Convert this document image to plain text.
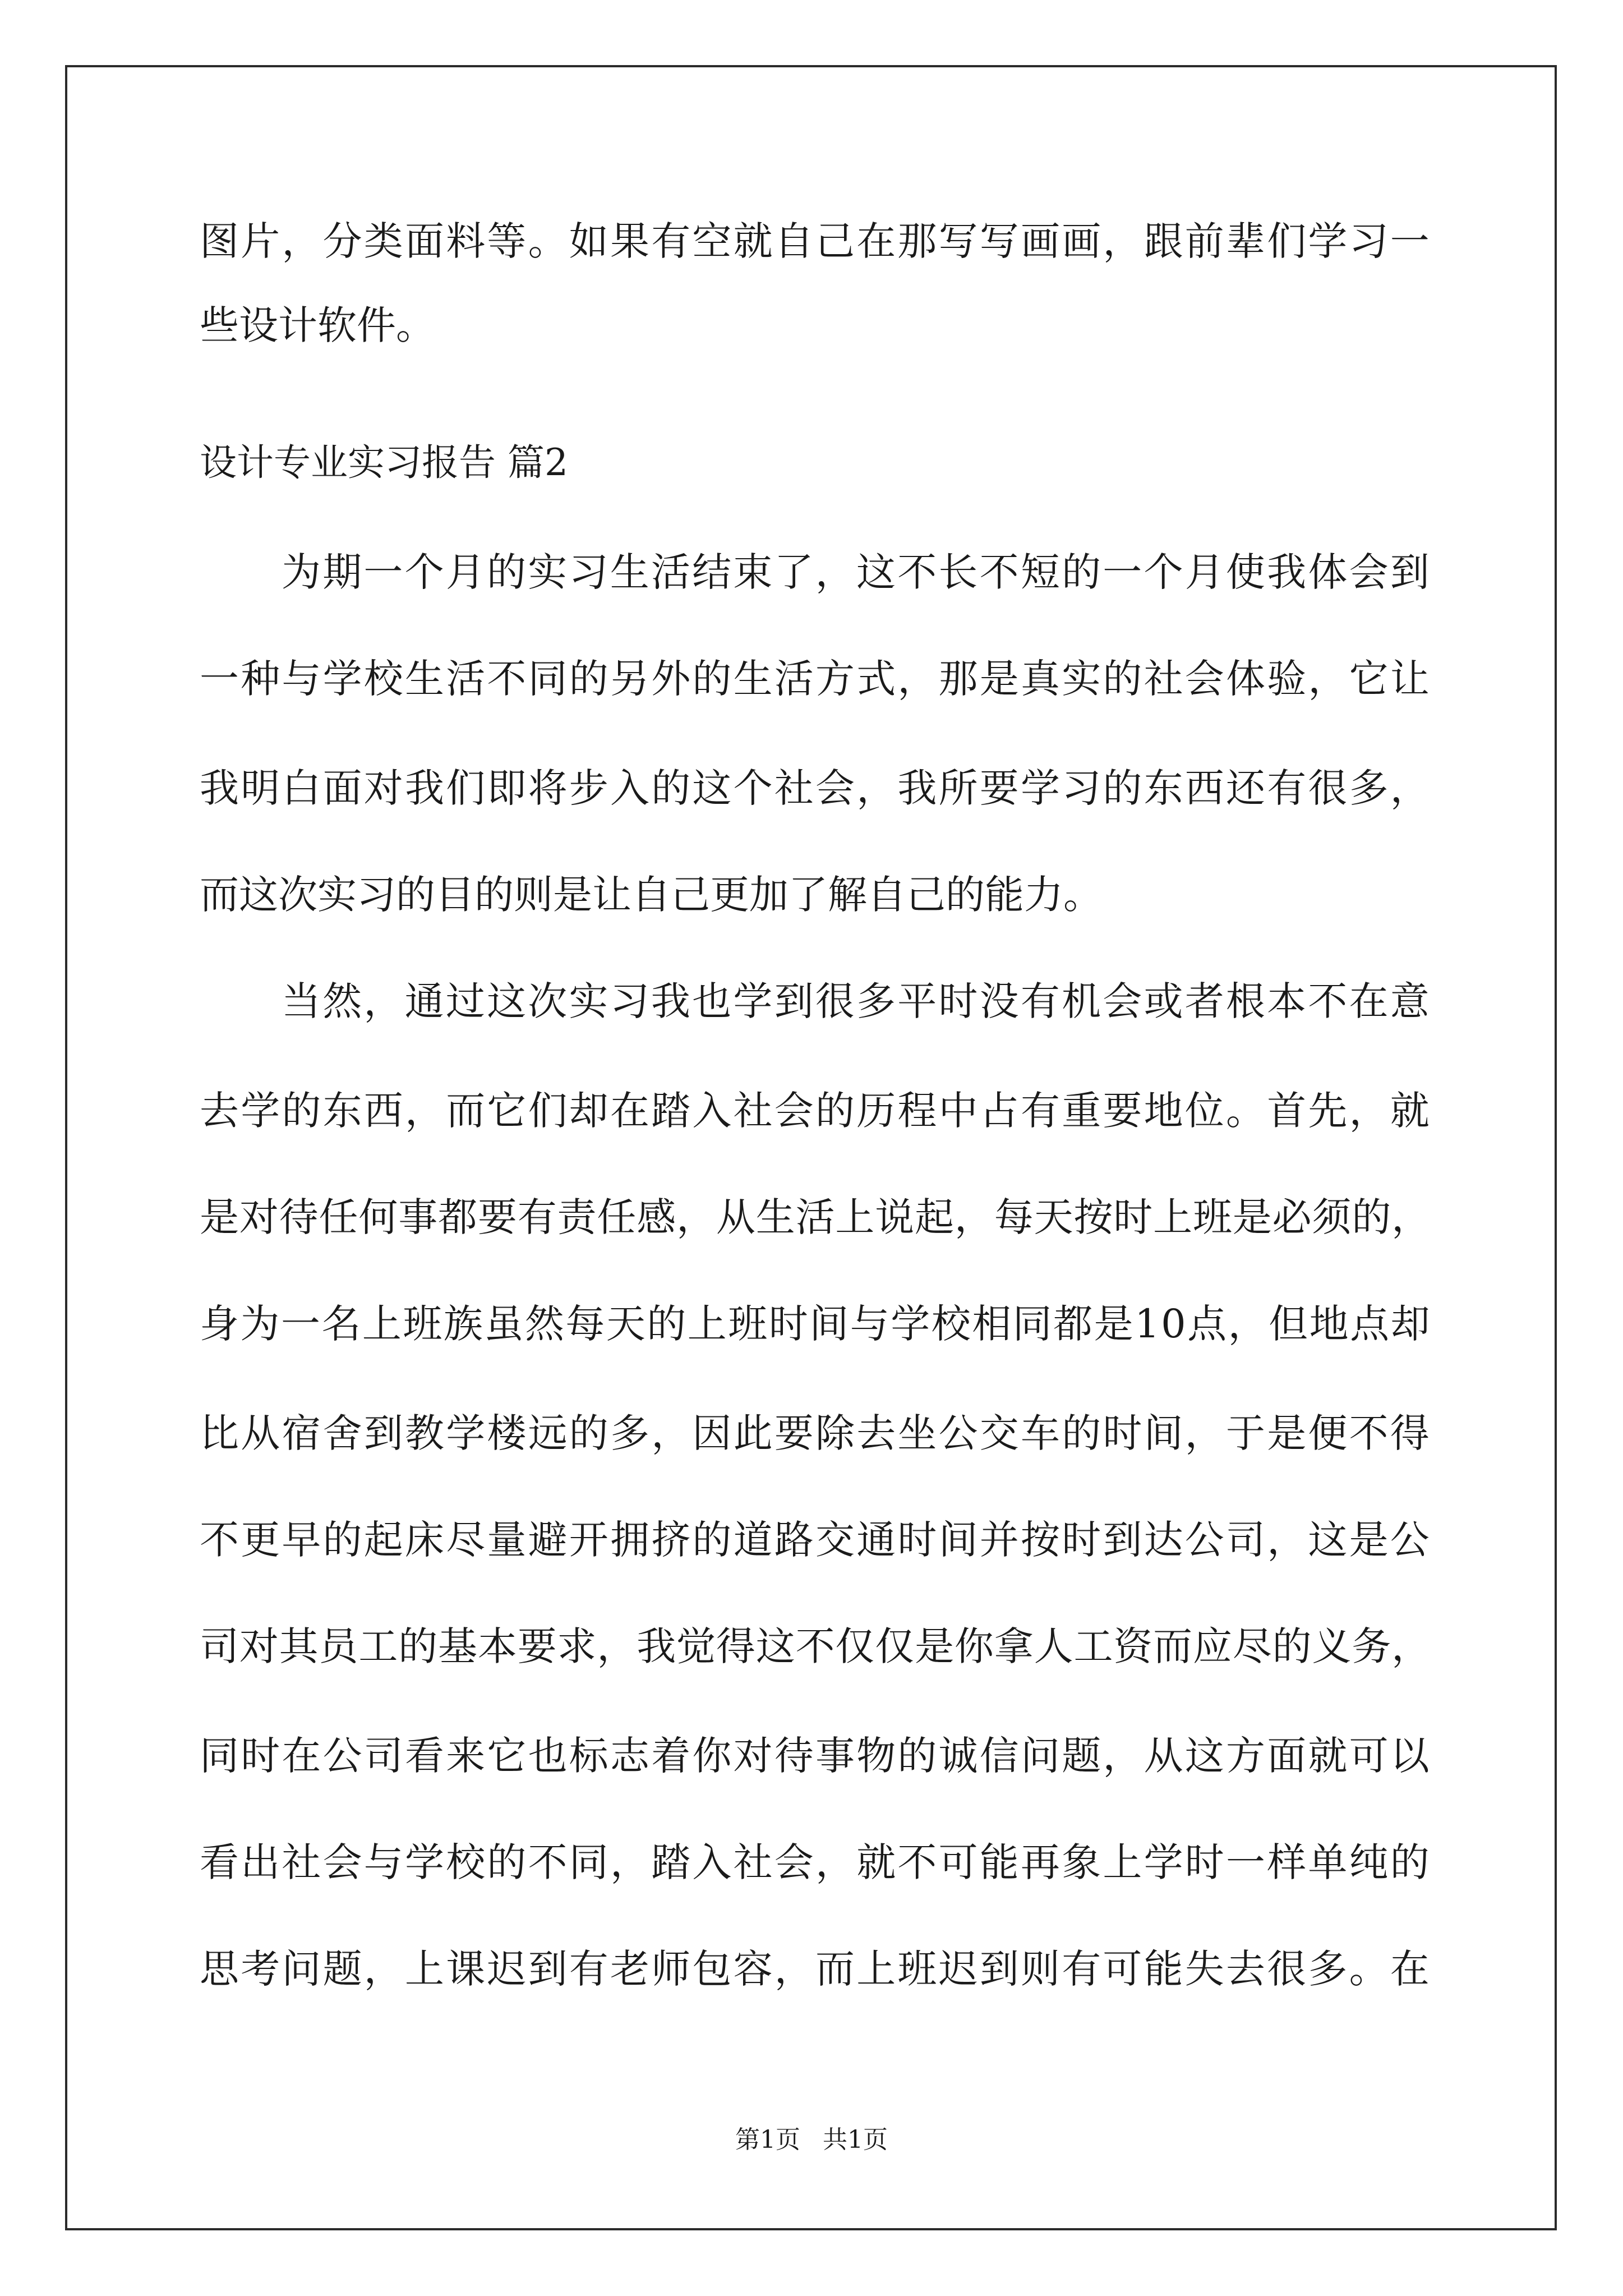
图片，分类面料等。如果有空就自己在那写写画画，跟前辈们学习一
些设计软件。
设计专业实习报告 篇2
为期一个月的实习生活结束了，这不长不短的一个月使我体会到
一种与学校生活不同的另外的生活方式，那是真实的社会体验，它让
我明白面对我们即将步入的这个社会，我所要学习的东西还有很多，
而这次实习的目的则是让自己更加了解自己的能力。
当然，通过这次实习我也学到很多平时没有机会或者根本不在意
去学的东西，而它们却在踏入社会的历程中占有重要地位。首先，就
是对待任何事都要有责任感，从生活上说起，每天按时上班是必须的，
身为一名上班族虽然每天的上班时间与学校相同都是10点，但地点却
比从宿舍到教学楼远的多，因此要除去坐公交车的时间，于是便不得
不更早的起床尽量避开拥挤的道路交通时间并按时到达公司，这是公
司对其员工的基本要求，我觉得这不仅仅是你拿人工资而应尽的义务，
同时在公司看来它也标志着你对待事物的诚信问题，从这方面就可以
看出社会与学校的不同，踏入社会，就不可能再象上学时一样单纯的
思考问题，上课迟到有老师包容，而上班迟到则有可能失去很多。在
第1页 共1页
